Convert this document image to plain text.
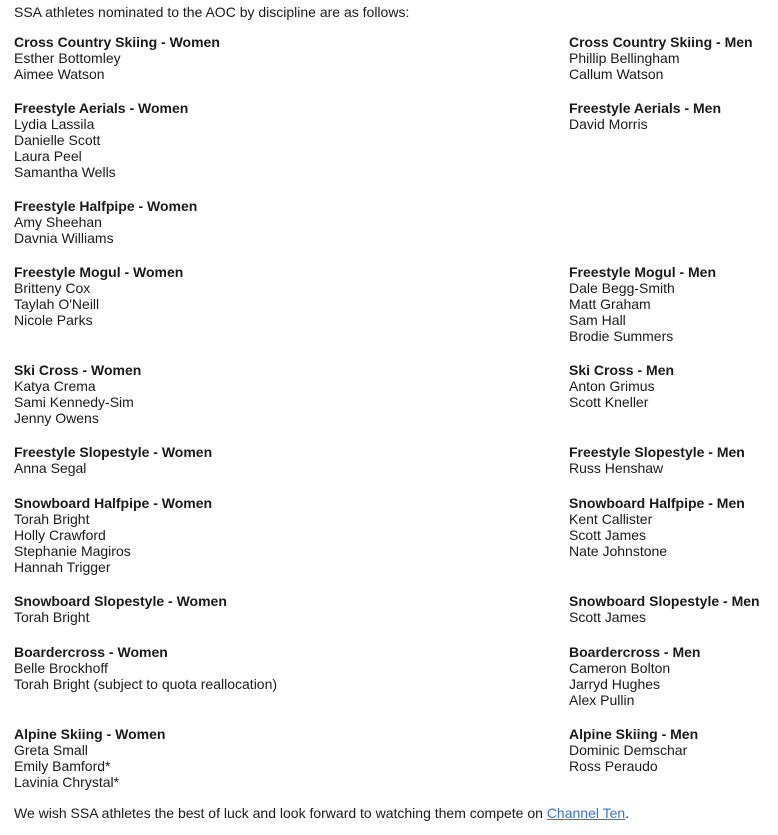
SSA athletes nominated to the AOC by discipline are as follows:
Cross Country Skiing - Women
Esther Bottomley
Aimee Watson
Freestyle Aerials - Women
Lydia Lassila
Danielle Scott
Laura Peel
Samantha Wells
Freestyle Halfpipe - Women
Amy Sheehan
Davnia Williams
Freestyle Mogul - Women
Britteny Cox
Taylah O'Neill
Nicole Parks
Ski Cross - Women
Katya Crema
Sami Kennedy-Sim
Jenny Owens
Freestyle Slopestyle - Women
Anna Segal
Snowboard Halfpipe - Women
Torah Bright
Holly Crawford
Stephanie Magiros
Hannah Trigger
Snowboard Slopestyle - Women
Torah Bright
Boardercross - Women
Belle Brockhoff
Torah Bright (subject to quota reallocation)
Alpine Skiing - Women
Greta Small
Emily Bamford*
Lavinia Chrystal*
Cross Country Skiing - Men
Phillip Bellingham
Callum Watson
Freestyle Aerials - Men
David Morris
Freestyle Mogul - Men
Dale Begg-Smith
Matt Graham
Sam Hall
Brodie Summers
Ski Cross - Men
Anton Grimus
Scott Kneller
Freestyle Slopestyle - Men
Russ Henshaw
Snowboard Halfpipe - Men
Kent Callister
Scott James
Nate Johnstone
Snowboard Slopestyle - Men
Scott James
Boardercross - Men
Cameron Bolton
Jarryd Hughes
Alex Pullin
Alpine Skiing - Men
Dominic Demschar
Ross Peraudo
We wish SSA athletes the best of luck and look forward to watching them compete on Channel Ten.
